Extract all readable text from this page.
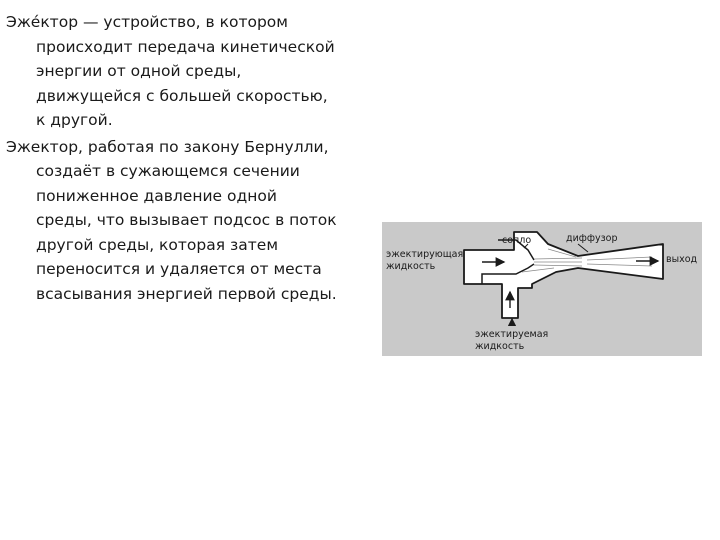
Эже́ктор — устройство, в котором
происходит передача кинетической
энергии от одной среды,
движущейся с большей скоростью,
к другой.

Эжектор, работая по закону Бернулли,
создаёт в сужающемся сечении
пониженное давление одной
среды, что вызывает подсос в поток
другой среды, которая затем
переносится и удаляется от места
всасывания энергией первой среды.

эжектирующая
жидкость
сопло	диффузор
выход
эжектируемая
жидкость
